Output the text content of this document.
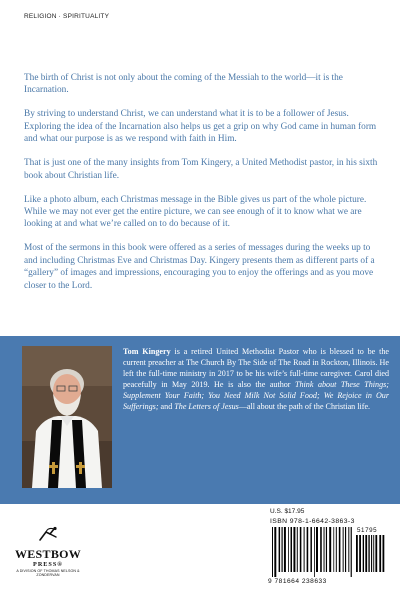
RELIGION · SPIRITUALITY

The birth of Christ is not only about the coming of the Messiah to the world—it is the Incarnation.

By striving to understand Christ, we can understand what it is to be a follower of Jesus. Exploring the idea of the Incarnation also helps us get a grip on why God came in human form and what our purpose is as we respond with faith in Him.

That is just one of the many insights from Tom Kingery, a United Methodist pastor, in his sixth book about Christian life.

Like a photo album, each Christmas message in the Bible gives us part of the whole picture. While we may not ever get the entire picture, we can see enough of it to know what we are looking at and what we’re called on to do because of it.

Most of the sermons in this book were offered as a series of messages during the weeks up to and including Christmas Eve and Christmas Day. Kingery presents them as different parts of a “gallery” of images and impressions, encouraging you to enjoy the offerings and as you move closer to the Lord.

Tom Kingery is a retired United Methodist Pastor who is blessed to be the current preacher at The Church By The Side of The Road in Rockton, Illinois. He left the full-time ministry in 2017 to be his wife’s full-time caregiver. Carol died peacefully in May 2019. He is also the author Think about These Things; Supplement Your Faith; You Need Milk Not Solid Food; We Rejoice in Our Sufferings; and The Letters of Jesus—all about the path of the Christian life.
WESTBOW
PRESS®
A DIVISION OF THOMAS NELSON & ZONDERVAN
U.S. $17.95
ISBN 978-1-6642-3863-3
51795
9 781664 238633
